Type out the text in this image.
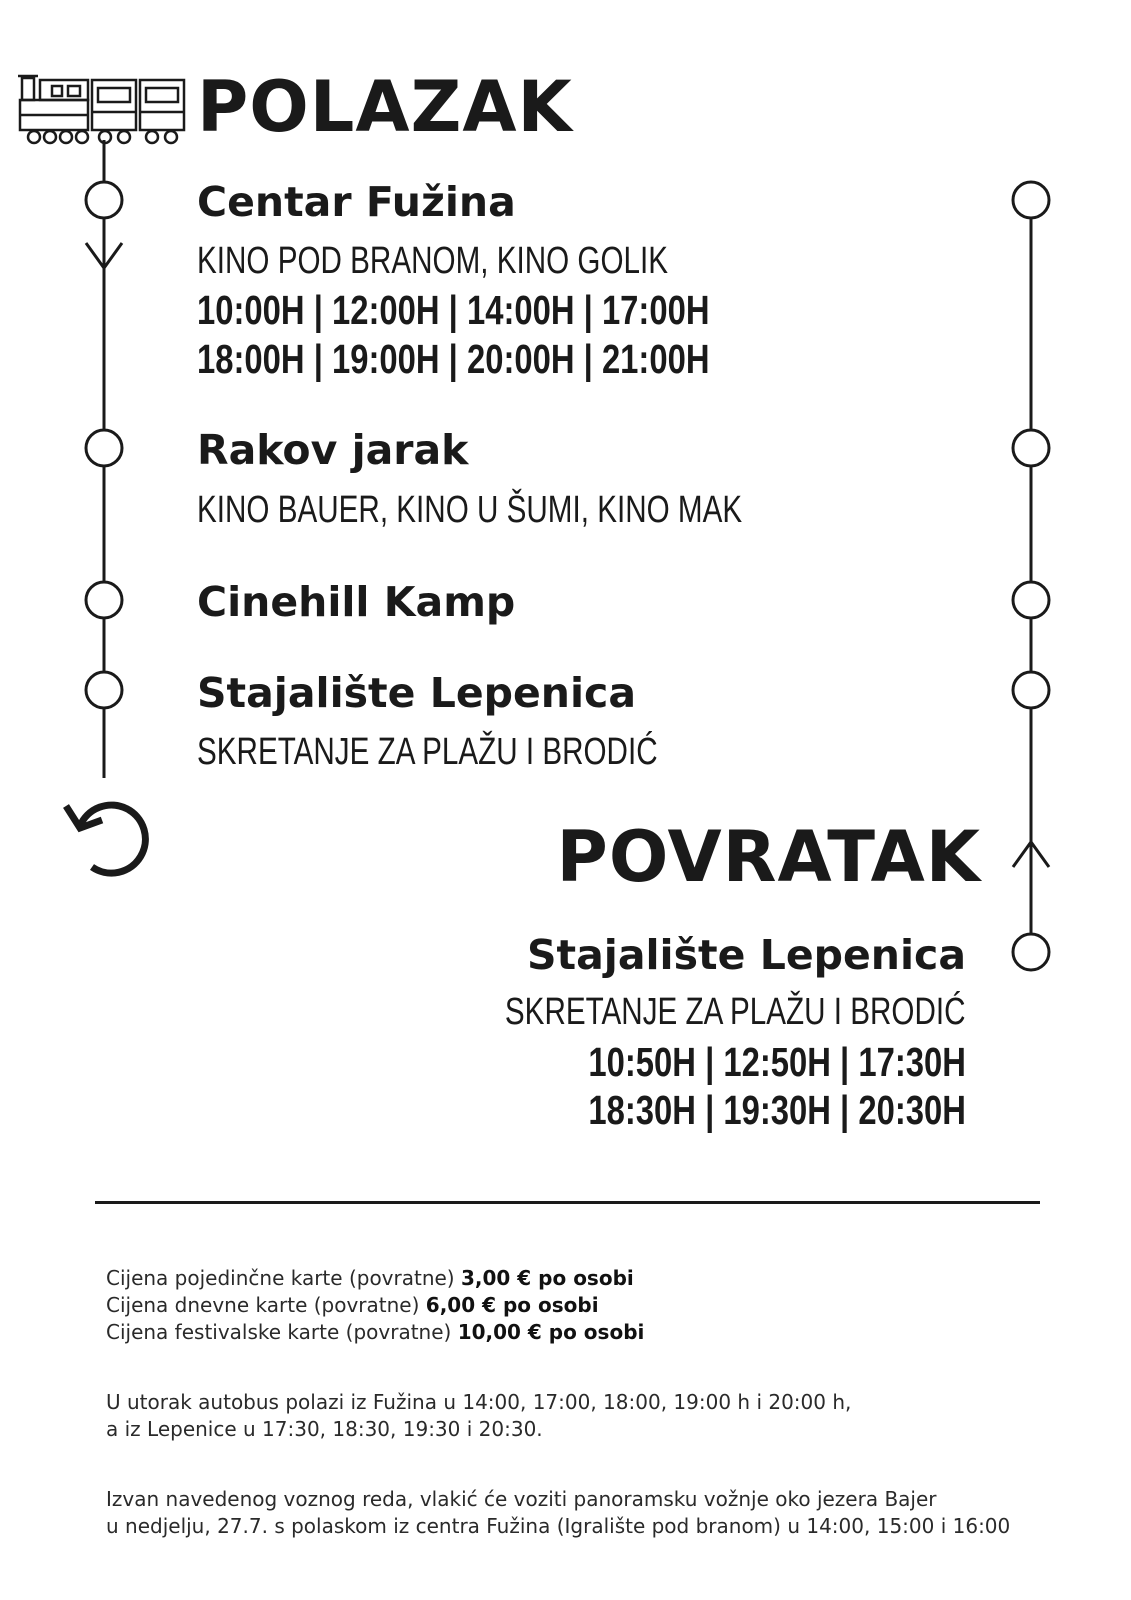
POLAZAK
Centar Fužina
KINO POD BRANOM, KINO GOLIK
10:00H | 12:00H | 14:00H | 17:00H
18:00H | 19:00H | 20:00H | 21:00H
Rakov jarak
KINO BAUER, KINO U ŠUMI, KINO MAK
Cinehill Kamp
Stajalište Lepenica
SKRETANJE ZA PLAŽU I BRODIĆ
POVRATAK
Stajalište Lepenica
SKRETANJE ZA PLAŽU I BRODIĆ
10:50H | 12:50H | 17:30H
18:30H | 19:30H | 20:30H
Cijena pojedinčne karte (povratne) 3,00 € po osobi
Cijena dnevne karte (povratne) 6,00 € po osobi
Cijena festivalske karte (povratne) 10,00 € po osobi
U utorak autobus polazi iz Fužina u 14:00, 17:00, 18:00, 19:00 h i 20:00 h,
a iz Lepenice u 17:30, 18:30, 19:30 i 20:30.
Izvan navedenog voznog reda, vlakić će voziti panoramsku vožnje oko jezera Bajer
u nedjelju, 27.7. s polaskom iz centra Fužina (Igralište pod branom) u 14:00, 15:00 i 16:00
